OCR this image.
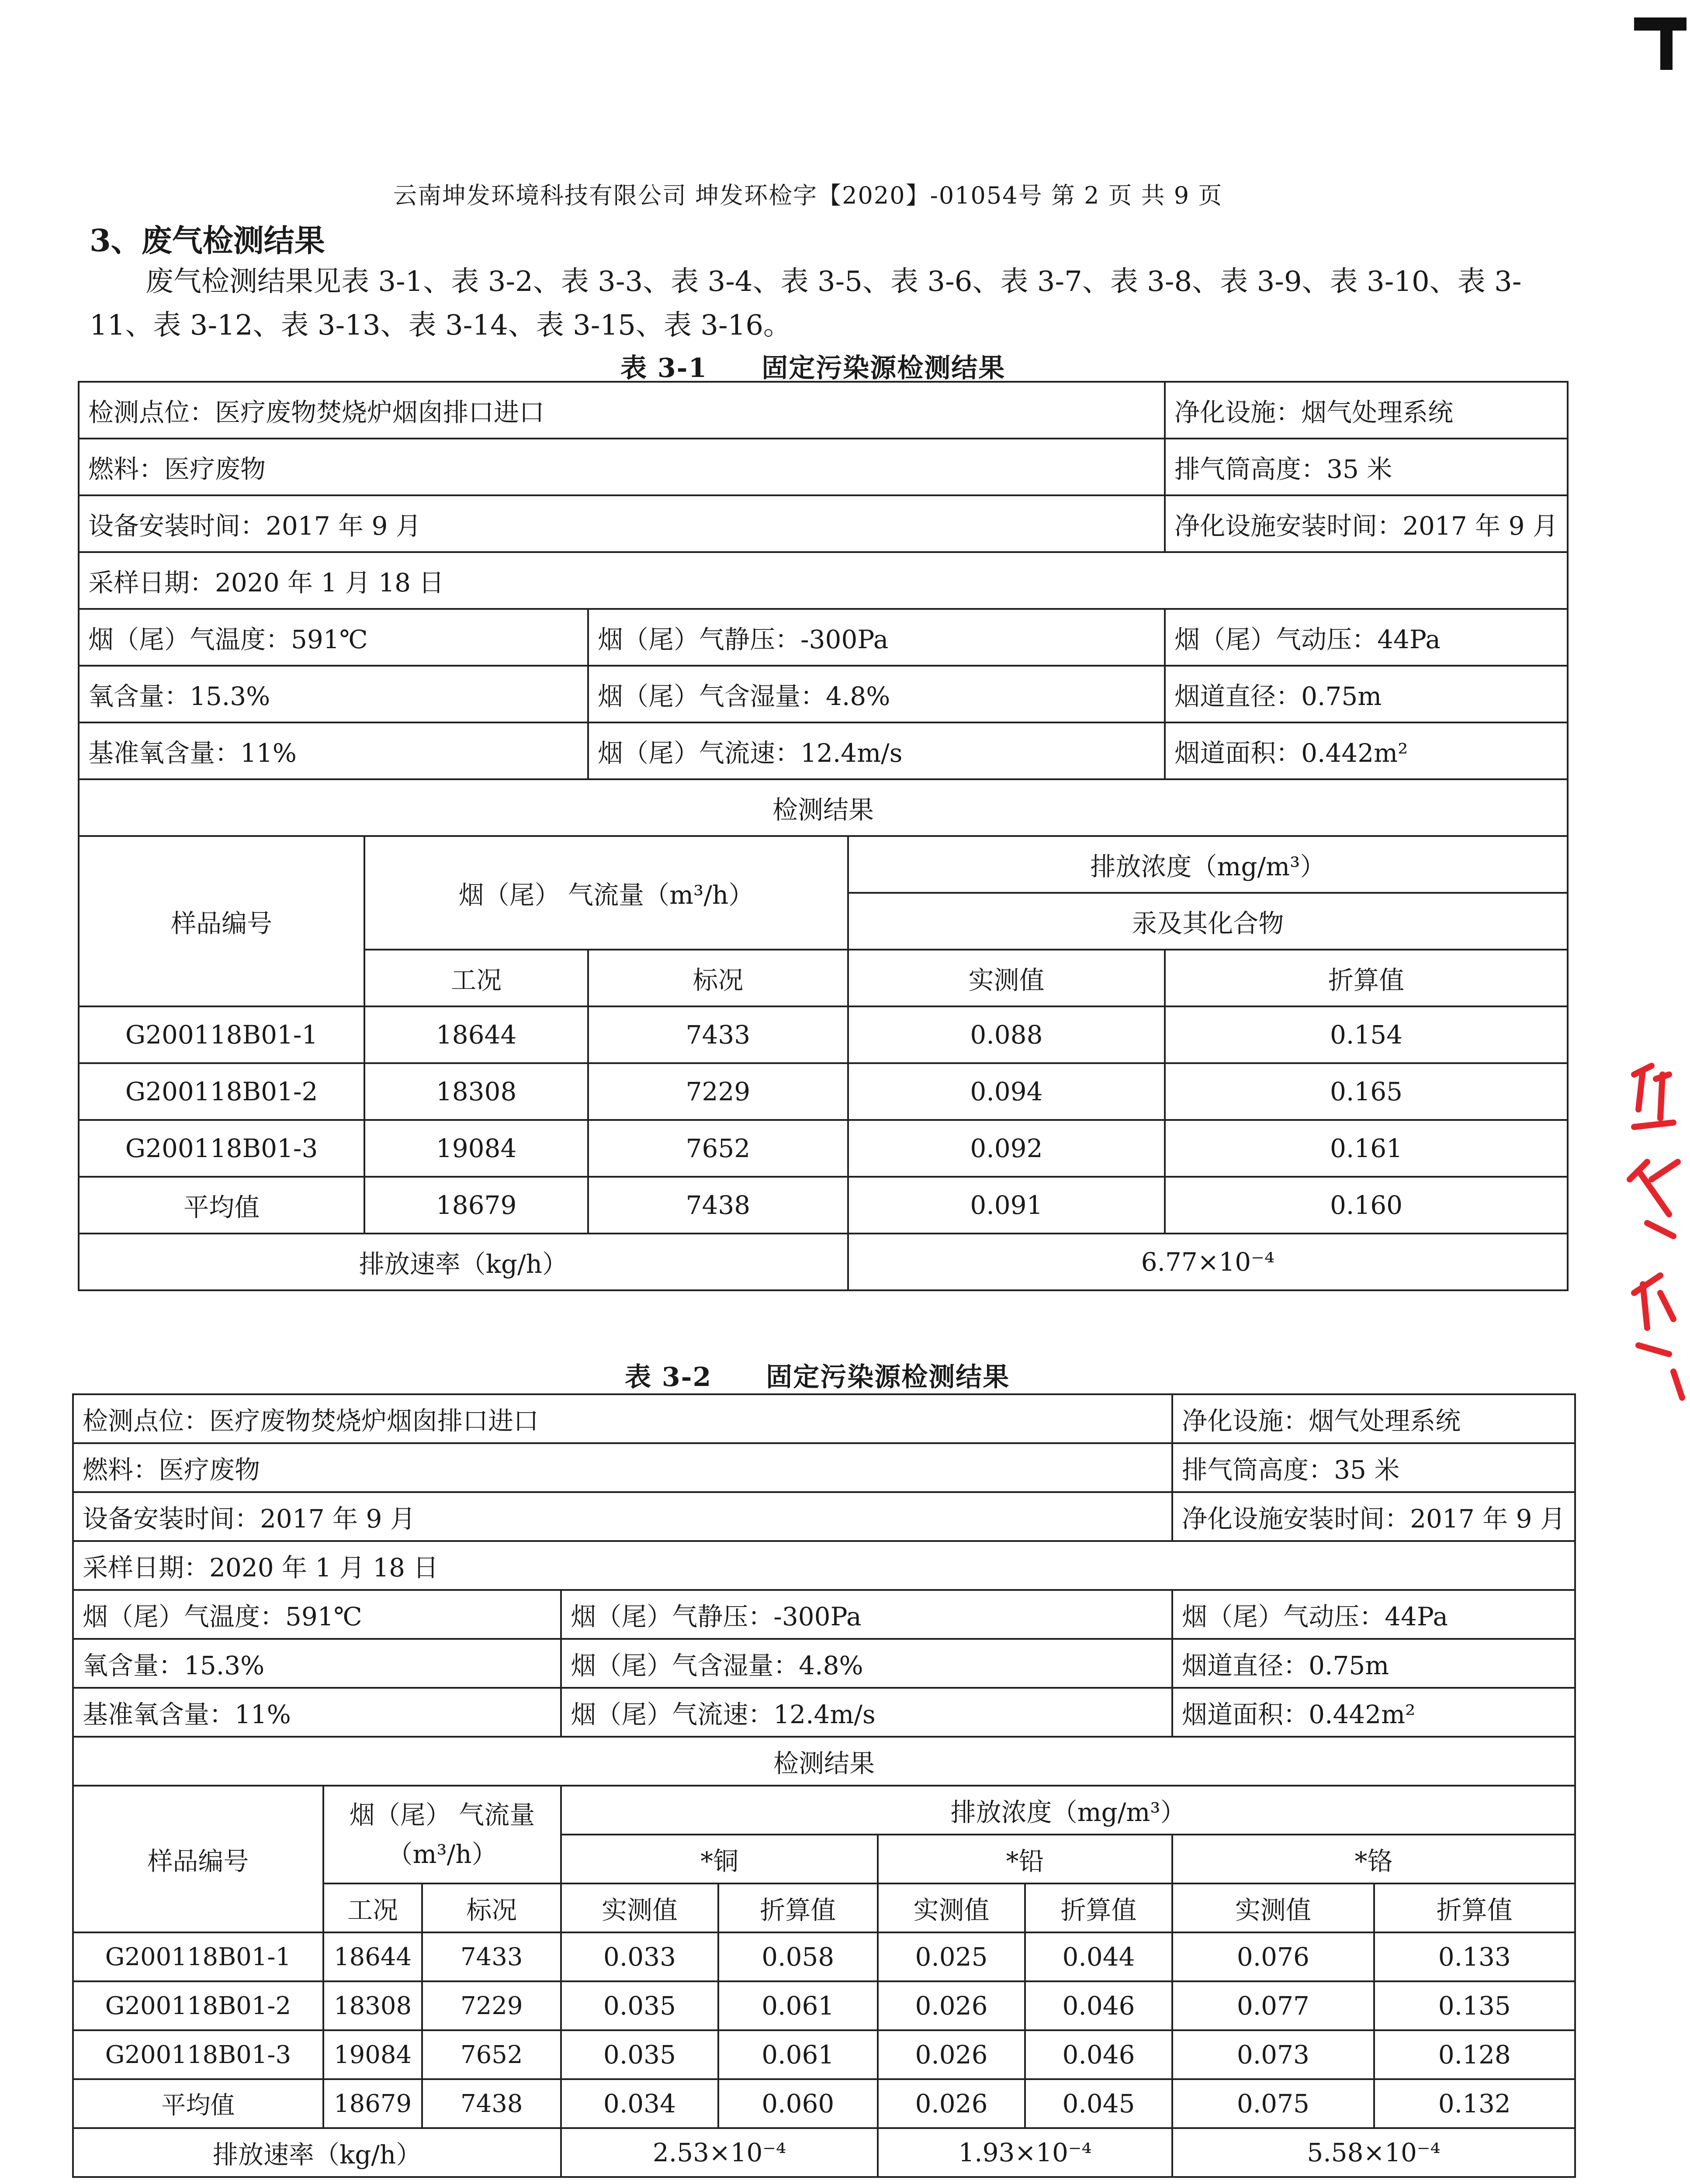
云南坤发环境科技有限公司 坤发环检字【2020】-01054号 第 2 页 共 9 页
3、废气检测结果
废气检测结果见表 3-1、表 3-2、表 3-3、表 3-4、表 3-5、表 3-6、表 3-7、表 3-8、表 3-9、表 3-10、表 3-11、表 3-12、表 3-13、表 3-14、表 3-15、表 3-16。
表 3-1　　固定污染源检测结果
检测点位：医疗废物焚烧炉烟囱排口进口				净化设施：烟气处理系统
燃料：医疗废物				排气筒高度：35 米
设备安装时间：2017 年 9 月				净化设施安装时间：2017 年 9 月
采样日期：2020 年 1 月 18 日				
烟（尾）气温度：591℃		烟（尾）气静压：-300Pa		烟（尾）气动压：44Pa
氧含量：15.3%		烟（尾）气含湿量：4.8%		烟道直径：0.75m
基准氧含量：11%		烟（尾）气流速：12.4m/s		烟道面积：0.442m²
检测结果				
样品编号	烟（尾） 气流量（m³/h）		排放浓度（mg/m³）	
			汞及其化合物	
	工况	标况	实测值	折算值
G200118B01-1	18644	7433	0.088	0.154
G200118B01-2	18308	7229	0.094	0.165
G200118B01-3	19084	7652	0.092	0.161
平均值	18679	7438	0.091	0.160
排放速率（kg/h）			6.77×10⁻⁴	
表 3-2　　固定污染源检测结果
检测点位：医疗废物焚烧炉烟囱排口进口							净化设施：烟气处理系统	
燃料：医疗废物							排气筒高度：35 米	
设备安装时间：2017 年 9 月							净化设施安装时间：2017 年 9 月	
采样日期：2020 年 1 月 18 日								
烟（尾）气温度：591℃			烟（尾）气静压：-300Pa				烟（尾）气动压：44Pa	
氧含量：15.3%			烟（尾）气含湿量：4.8%				烟道直径：0.75m	
基准氧含量：11%			烟（尾）气流速：12.4m/s				烟道面积：0.442m²	
检测结果								
样品编号	烟（尾） 气流量（m³/h）		排放浓度（mg/m³）					
			*铜		*铅		*铬	
	工况	标况	实测值	折算值	实测值	折算值	实测值	折算值
G200118B01-1	18644	7433	0.033	0.058	0.025	0.044	0.076	0.133
G200118B01-2	18308	7229	0.035	0.061	0.026	0.046	0.077	0.135
G200118B01-3	19084	7652	0.035	0.061	0.026	0.046	0.073	0.128
平均值	18679	7438	0.034	0.060	0.026	0.045	0.075	0.132
排放速率（kg/h）			2.53×10⁻⁴		1.93×10⁻⁴		5.58×10⁻⁴	
